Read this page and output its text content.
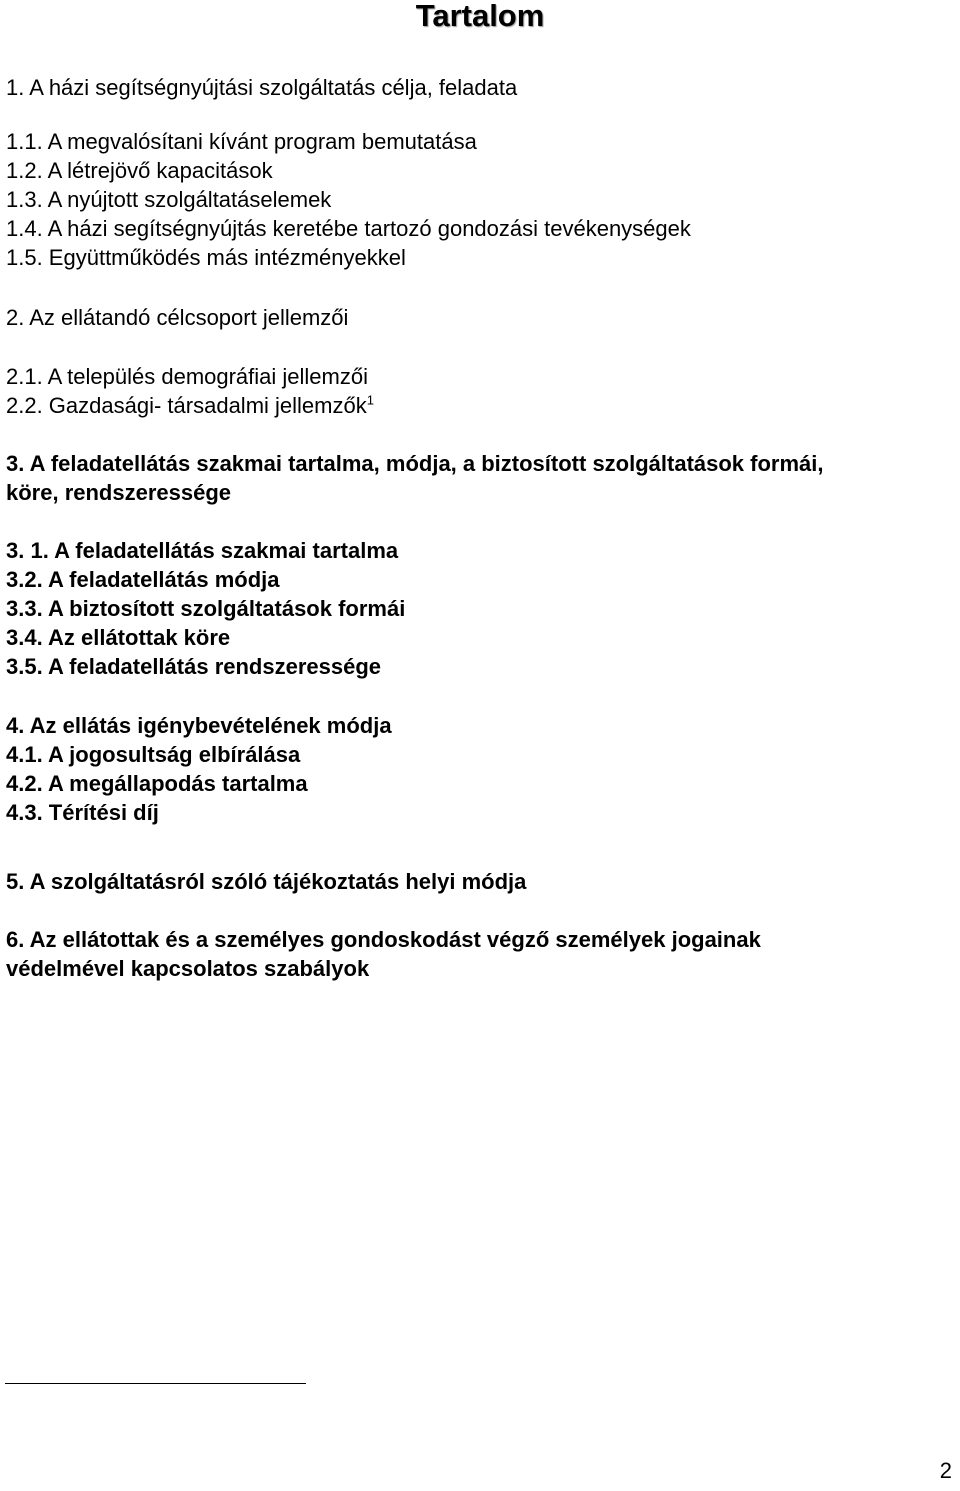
Tartalom
1. A házi segítségnyújtási szolgáltatás célja, feladata
1.1. A megvalósítani kívánt program bemutatása
1.2. A létrejövő kapacitások
1.3. A nyújtott szolgáltatáselemek
1.4. A házi segítségnyújtás keretébe tartozó gondozási tevékenységek
1.5. Együttműködés más intézményekkel
2. Az ellátandó célcsoport jellemzői
2.1. A település demográfiai jellemzői
2.2. Gazdasági- társadalmi jellemzők$^1$
3. A feladatellátás szakmai tartalma, módja, a biztosított szolgáltatások formái,
köre, rendszeressége
3. 1. A feladatellátás szakmai tartalma
3.2. A feladatellátás módja
3.3. A biztosított szolgáltatások formái
3.4. Az ellátottak köre
3.5. A feladatellátás rendszeressége
4. Az ellátás igénybevételének módja
4.1. A jogosultság elbírálása
4.2. A megállapodás tartalma
4.3. Térítési díj
5. A szolgáltatásról szóló tájékoztatás helyi módja
6. Az ellátottak és a személyes gondoskodást végző személyek jogainak
védelmével kapcsolatos szabályok
2
